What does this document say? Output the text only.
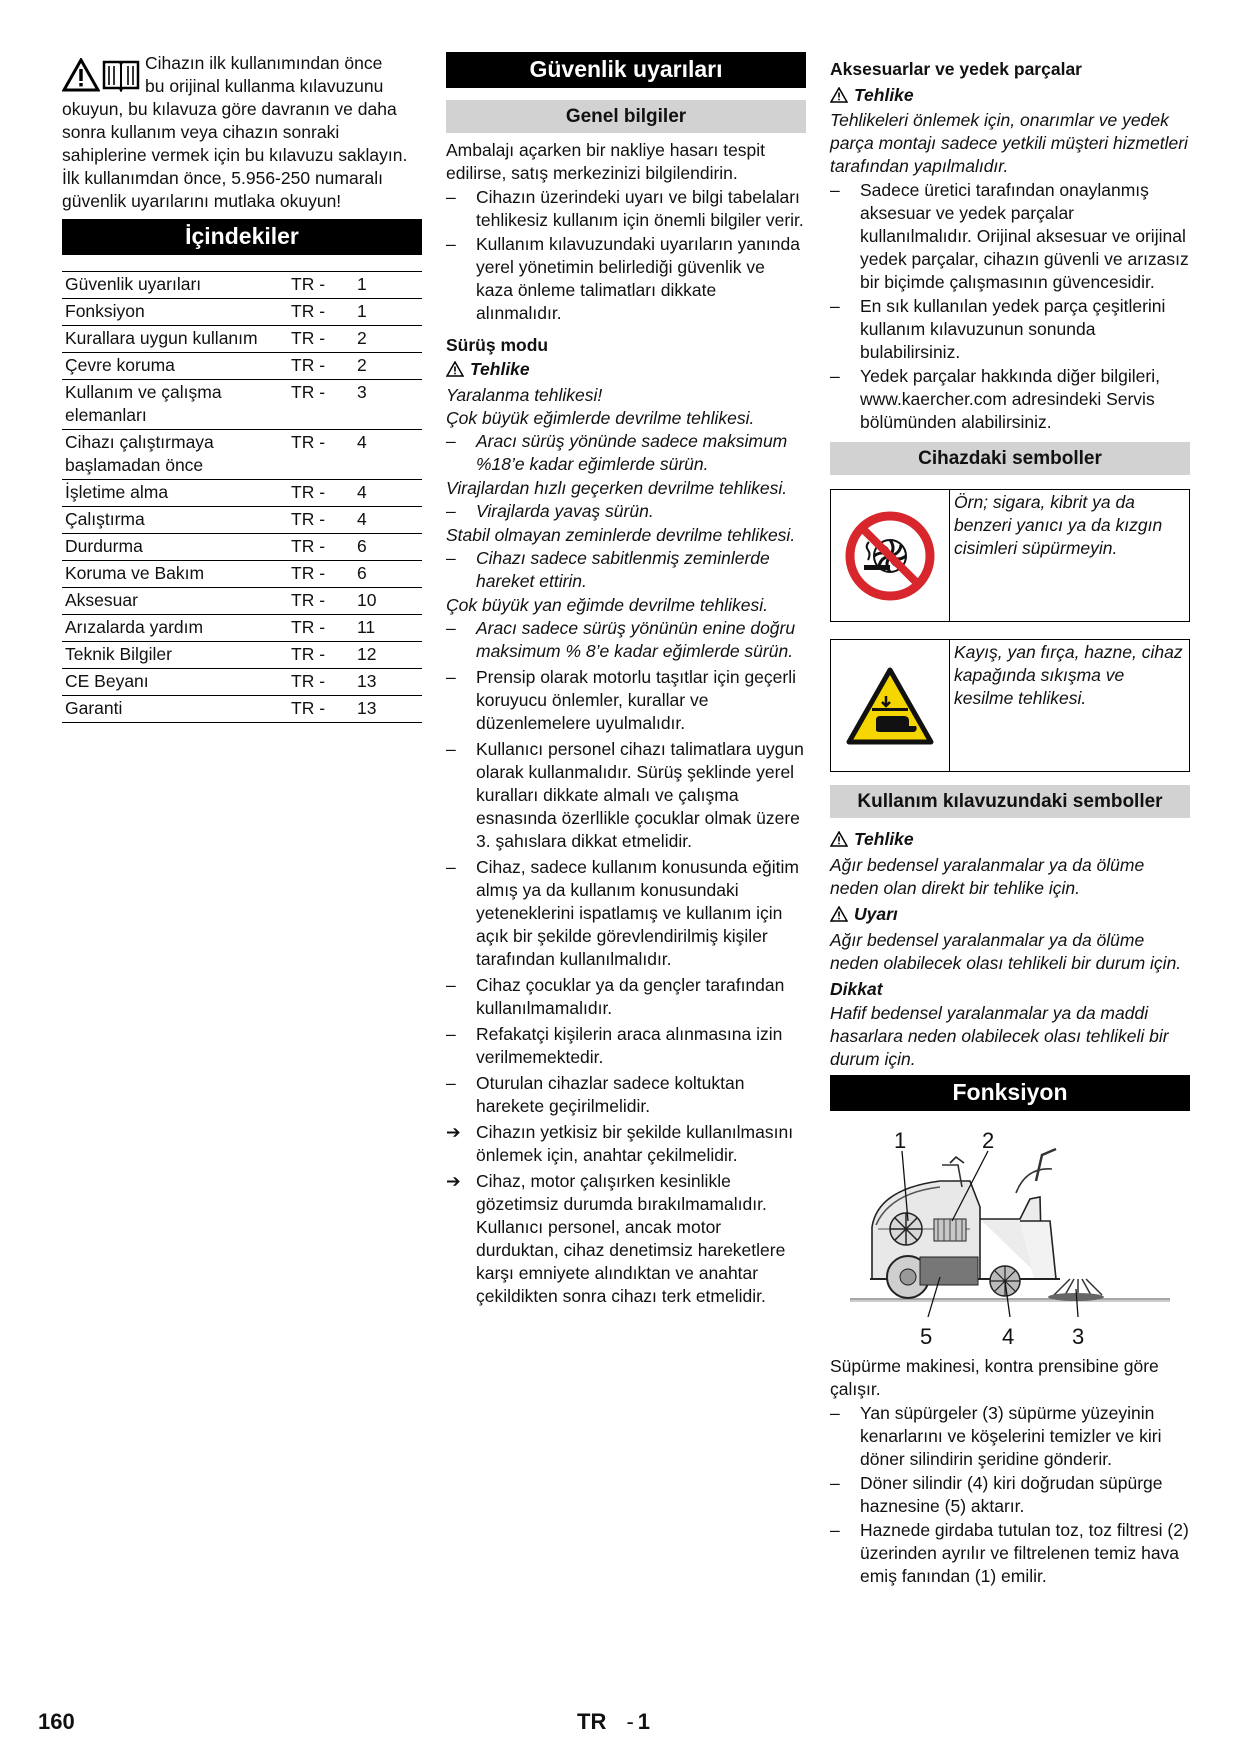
Cihazın ilk kullanımından önce

bu orijinal kullanma kılavuzunu

okuyun, bu kılavuza göre davranın ve daha sonra kullanım veya cihazın sonraki sahiplerine vermek için bu kılavuzu saklayın.

İlk kullanımdan önce, 5.956-250 numaralı güvenlik uyarılarını mutlaka okuyun!

İçindekiler
Güvenlik uyarıları	TR -	1
Fonksiyon	TR -	1
Kurallara uygun kullanım	TR -	2
Çevre koruma	TR -	2
Kullanım ve çalışma elemanları	TR -	3
Cihazı çalıştırmaya başlamadan önce	TR -	4
İşletime alma	TR -	4
Çalıştırma	TR -	4
Durdurma	TR -	6
Koruma ve Bakım	TR -	6
Aksesuar	TR -	10
Arızalarda yardım	TR -	11
Teknik Bilgiler	TR -	12
CE Beyanı	TR -	13
Garanti	TR -	13
Güvenlik uyarıları
Genel bilgiler

Ambalajı açarken bir nakliye hasarı tespit edilirse, satış merkezinizi bilgilendirin.

– Cihazın üzerindeki uyarı ve bilgi tabelaları tehlikesiz kullanım için önemli bilgiler verir.
– Kullanım kılavuzundaki uyarıların yanında yerel yönetimin belirlediği güvenlik ve kaza önleme talimatları dikkate alınmalıdır.

Sürüş modu

Tehlike

Yaralanma tehlikesi!

Çok büyük eğimlerde devrilme tehlikesi.

– Aracı sürüş yönünde sadece maksimum %18’e kadar eğimlerde sürün.

Virajlardan hızlı geçerken devrilme tehlikesi.

– Virajlarda yavaş sürün.

Stabil olmayan zeminlerde devrilme tehlikesi.

– Cihazı sadece sabitlenmiş zeminlerde hareket ettirin.

Çok büyük yan eğimde devrilme tehlikesi.

– Aracı sadece sürüş yönünün enine doğru maksimum % 8’e kadar eğimlerde sürün.
– Prensip olarak motorlu taşıtlar için geçerli koruyucu önlemler, kurallar ve düzenlemelere uyulmalıdır.
– Kullanıcı personel cihazı talimatlara uygun olarak kullanmalıdır. Sürüş şeklinde yerel kuralları dikkate almalı ve çalışma esnasında özerllikle çocuklar olmak üzere 3. şahıslara dikkat etmelidir.
– Cihaz, sadece kullanım konusunda eğitim almış ya da kullanım konusundaki yeteneklerini ispatlamış ve kullanım için açık bir şekilde görevlendirilmiş kişiler tarafından kullanılmalıdır.
– Cihaz çocuklar ya da gençler tarafından kullanılmamalıdır.
– Refakatçi kişilerin araca alınmasına izin verilmemektedir.
– Oturulan cihazlar sadece koltuktan harekete geçirilmelidir.
➔ Cihazın yetkisiz bir şekilde kullanılmasını önlemek için, anahtar çekilmelidir.
➔ Cihaz, motor çalışırken kesinlikle gözetimsiz durumda bırakılmamalıdır. Kullanıcı personel, ancak motor durduktan, cihaz denetimsiz hareketlere karşı emniyete alındıktan ve anahtar çekildikten sonra cihazı terk etmelidir.

Aksesuarlar ve yedek parçalar

Tehlike

Tehlikeleri önlemek için, onarımlar ve yedek parça montajı sadece yetkili müşteri hizmetleri tarafından yapılmalıdır.

– Sadece üretici tarafından onaylanmış aksesuar ve yedek parçalar kullanılmalıdır. Orijinal aksesuar ve orijinal yedek parçalar, cihazın güvenli ve arızasız bir biçimde çalışmasının güvencesidir.
– En sık kullanılan yedek parça çeşitlerini kullanım kılavuzunun sonunda bulabilirsiniz.
– Yedek parçalar hakkında diğer bilgileri, www.kaercher.com adresindeki Servis bölümünden alabilirsiniz.
Cihazdaki semboller
Örn; sigara, kibrit ya da benzeri yanıcı ya da kızgın cisimleri süpürmeyin.
Kayış, yan fırça, hazne, cihaz kapağında sıkışma ve kesilme tehlikesi.
Kullanım kılavuzundaki semboller

Tehlike

Ağır bedensel yaralanmalar ya da ölüme neden olan direkt bir tehlike için.

Uyarı

Ağır bedensel yaralanmalar ya da ölüme neden olabilecek olası tehlikeli bir durum için.

Dikkat

Hafif bedensel yaralanmalar ya da maddi hasarlara neden olabilecek olası tehlikeli bir durum için.

Fonksiyon
1	2
3
4
5

Süpürme makinesi, kontra prensibine göre çalışır.

– Yan süpürgeler (3) süpürme yüzeyinin kenarlarını ve köşelerini temizler ve kiri döner silindirin şeridine gönderir.
– Döner silindir (4) kiri doğrudan süpürge haznesine (5) aktarır.
– Haznede girdaba tutulan toz, toz filtresi (2) üzerinden ayrılır ve filtrelenen temiz hava emiş fanından (1) emilir.
160	TR - 1
